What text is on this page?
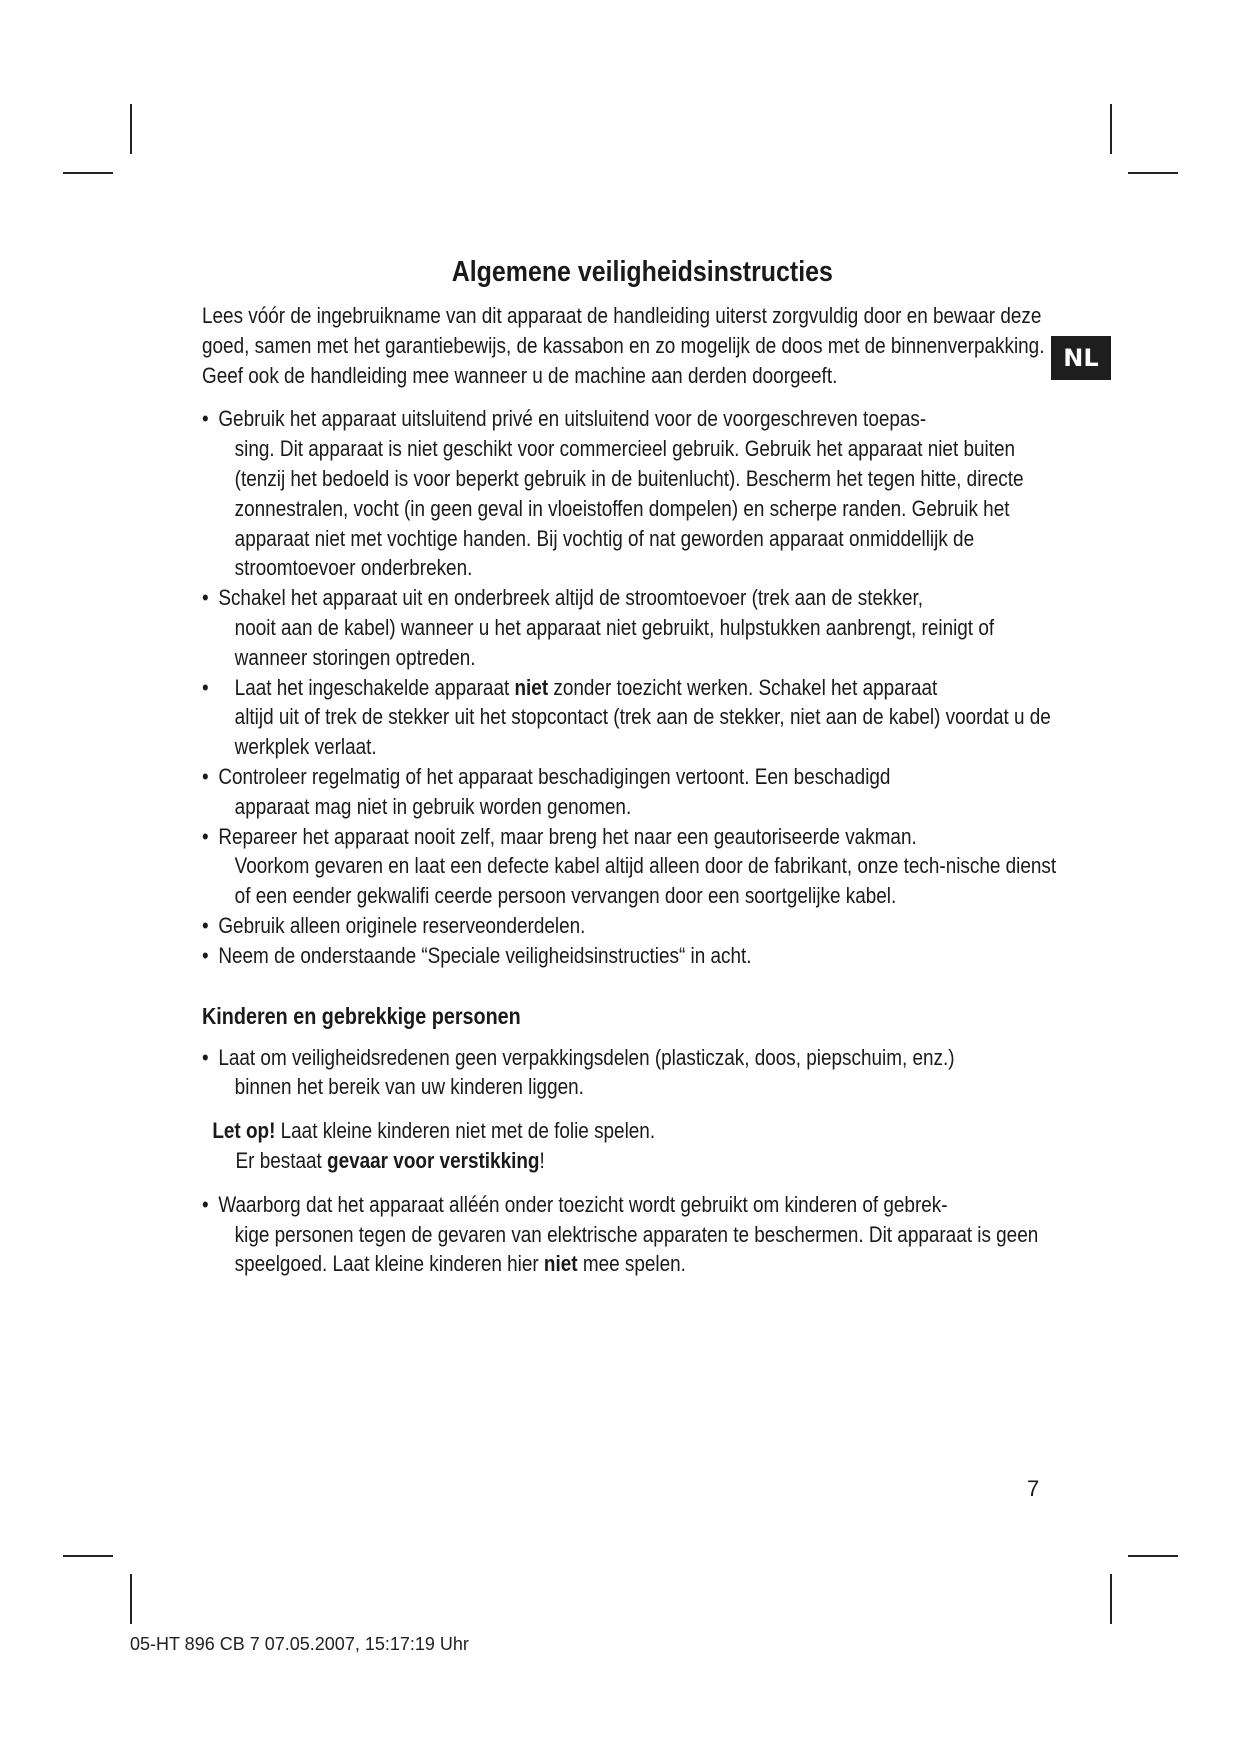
NL
Algemene veiligheidsinstructies

Lees vóór de ingebruikname van dit apparaat de handleiding uiterst zorgvuldig door en bewaar deze goed, samen met het garantiebewijs, de kassabon en zo mogelijk de doos met de binnenverpakking. Geef ook de handleiding mee wanneer u de machine aan derden doorgeeft.

• Gebruik het apparaat uitsluitend privé en uitsluitend voor de voorgeschreven toepas-

sing. Dit apparaat is niet geschikt voor commercieel gebruik. Gebruik het apparaat niet buiten (tenzij het bedoeld is voor beperkt gebruik in de buitenlucht). Bescherm het tegen hitte, directe zonnestralen, vocht (in geen geval in vloeistoffen dompelen) en scherpe randen. Gebruik het apparaat niet met vochtige handen. Bij vochtig of nat geworden apparaat onmiddellijk de stroomtoevoer onderbreken.
• Schakel het apparaat uit en onderbreek altijd de stroomtoevoer (trek aan de stekker,

nooit aan de kabel) wanneer u het apparaat niet gebruikt, hulpstukken aanbrengt, reinigt of wanneer storingen optreden.
• Laat het ingeschakelde apparaat niet zonder toezicht werken. Schakel het apparaat

altijd uit of trek de stekker uit het stopcontact (trek aan de stekker, niet aan de kabel) voordat u de werkplek verlaat.
• Controleer regelmatig of het apparaat beschadigingen vertoont. Een beschadigd

apparaat mag niet in gebruik worden genomen.
• Repareer het apparaat nooit zelf, maar breng het naar een geautoriseerde vakman.

Voorkom gevaren en laat een defecte kabel altijd alleen door de fabrikant, onze tech-nische dienst of een eender gekwalifi ceerde persoon vervangen door een soortgelijke kabel.
• Gebruik alleen originele reserveonderdelen.
• Neem de onderstaande “Speciale veiligheidsinstructies“ in acht.
Kinderen en gebrekkige personen
• Laat om veiligheidsredenen geen verpakkingsdelen (plasticzak, doos, piepschuim, enz.)

binnen het bereik van uw kinderen liggen.
Let op! Laat kleine kinderen niet met de folie spelen.
Er bestaat gevaar voor verstikking!
• Waarborg dat het apparaat alléén onder toezicht wordt gebruikt om kinderen of gebrek-

kige personen tegen de gevaren van elektrische apparaten te beschermen. Dit apparaat is geen speelgoed. Laat kleine kinderen hier niet mee spelen.
7
05-HT 896 CB 7 07.05.2007, 15:17:19 Uhr
